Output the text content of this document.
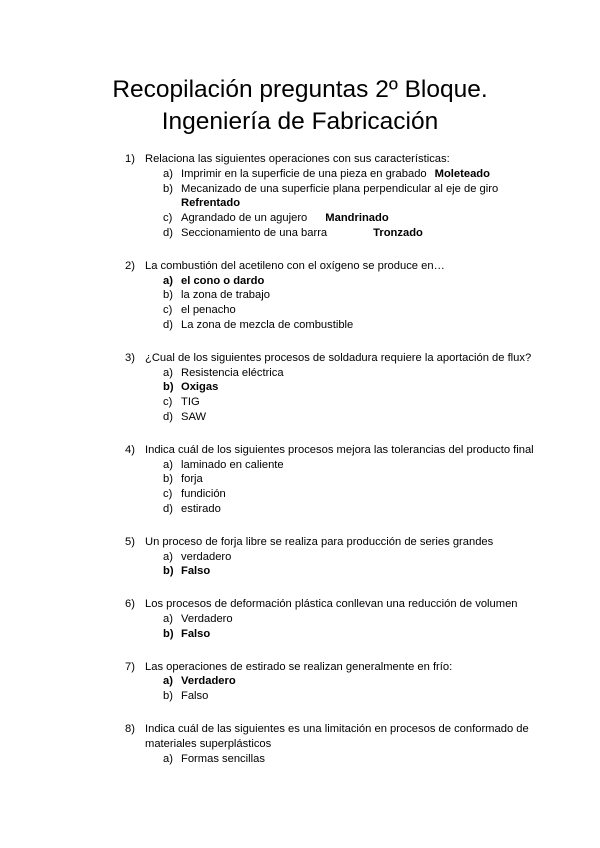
Recopilación preguntas 2º Bloque.
Ingeniería de Fabricación
1) Relaciona las siguientes operaciones con sus características:
a) Imprimir en la superficie de una pieza en grabado Moleteado
b) Mecanizado de una superficie plana perpendicular al eje de giro
Refrentado
c) Agrandado de un agujero Mandrinado
d) Seccionamiento de una barra	Tronzado
2) La combustión del acetileno con el oxígeno se produce en…
a) el cono o dardo
b) la zona de trabajo
c) el penacho
d) La zona de mezcla de combustible
3) ¿Cual de los siguientes procesos de soldadura requiere la aportación de flux?
a) Resistencia eléctrica
b) Oxigas
c) TIG
d) SAW
4) Indica cuál de los siguientes procesos mejora las tolerancias del producto final
a) laminado en caliente
b) forja
c) fundición
d) estirado
5) Un proceso de forja libre se realiza para producción de series grandes
a) verdadero
b) Falso
6) Los procesos de deformación plástica conllevan una reducción de volumen
a) Verdadero
b) Falso
7) Las operaciones de estirado se realizan generalmente en frío:
a) Verdadero
b) Falso
8) Indica cuál de las siguientes es una limitación en procesos de conformado de materiales superplásticos
a) Formas sencillas
